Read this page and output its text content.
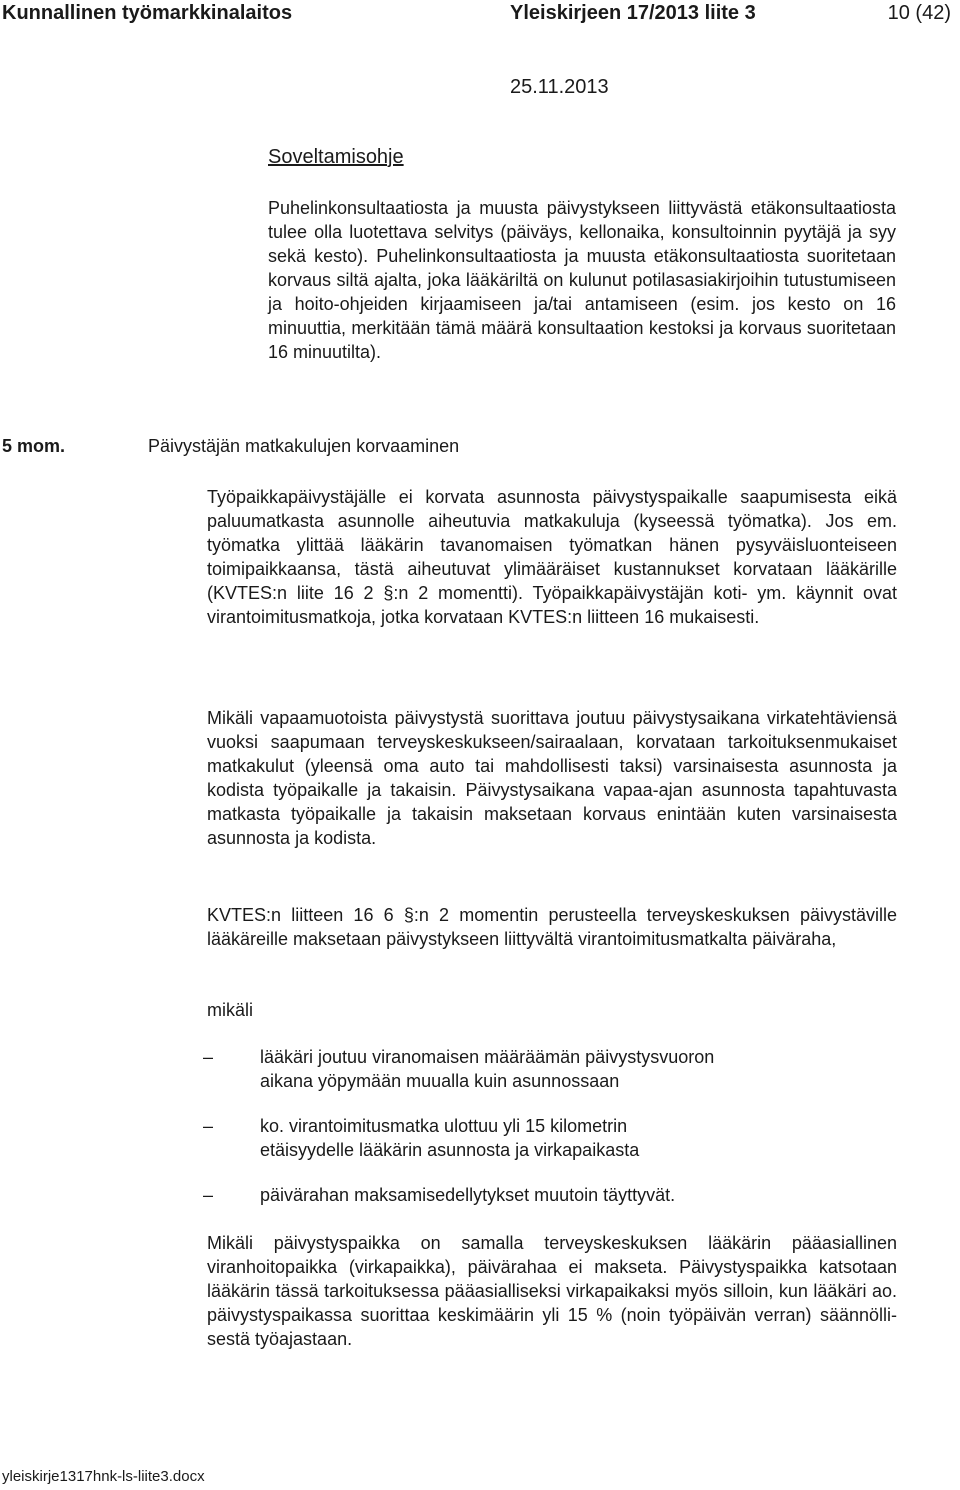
Kunnallinen työmarkkinalaitos	Yleiskirjeen 17/2013 liite 3	10 (42)
25.11.2013
Soveltamisohje

Puhelinkonsultaatiosta ja muusta päivystykseen liittyvästä etäkonsultaatiosta tulee olla luotettava selvitys (päiväys, kellonaika, konsultoinnin pyytäjä ja syy sekä kesto). Puhelinkonsultaatiosta ja muusta etäkonsultaatiosta suoritetaan korvaus siltä ajalta, joka lääkäriltä on kulunut potilasasiakirjoihin tutustumiseen ja hoito-ohjeiden kirjaamiseen ja/tai antamiseen (esim. jos kesto on 16 minuuttia, merkitään tämä määrä konsultaation kestoksi ja korvaus suoritetaan 16 minuutilta).

5 mom.	Päivystäjän matkakulujen korvaaminen

Työpaikkapäivystäjälle ei korvata asunnosta päivystyspaikalle saapumisesta eikä paluumatkasta asunnolle aiheutuvia matkakuluja (kyseessä työmatka). Jos em. työmatka ylittää lääkärin tavanomaisen työmatkan hänen pysyväisluonteiseen toimipaikkaansa, tästä aiheutuvat ylimääräiset kustannukset korvataan lääkärille (KVTES:n liite 16 2 §:n 2 momentti). Työpaikkapäivystäjän koti- ym. käynnit ovat virantoimitusmatkoja, jotka korvataan KVTES:n liitteen 16 mukaisesti.

Mikäli vapaamuotoista päivystystä suorittava joutuu päivystysaikana virkatehtäviensä vuoksi saapumaan terveyskeskukseen/sairaalaan, korvataan tarkoituksenmukaiset matkakulut (yleensä oma auto tai mahdollisesti taksi) varsinaisesta asunnosta ja kodista työpaikalle ja takaisin. Päivystysaikana vapaa-ajan asunnosta tapahtuvasta matkasta työpaikalle ja takaisin maksetaan korvaus enintään kuten varsinaisesta asunnosta ja kodista.

KVTES:n liitteen 16 6 §:n 2 momentin perusteella terveyskeskuksen päivystäville lääkäreille maksetaan päivystykseen liittyvältä virantoimitusmatkalta päiväraha,

mikäli
–	lääkäri joutuu viranomaisen määräämän päivystysvuoron
aikana yöpymään muualla kuin asunnossaan
–	ko. virantoimitusmatka ulottuu yli 15 kilometrin
etäisyydelle lääkärin asunnosta ja virkapaikasta
–	päivärahan maksamisedellytykset muutoin täyttyvät.

Mikäli päivystyspaikka on samalla terveyskeskuksen lääkärin pääasiallinen viranhoitopaikka (virkapaikka), päivärahaa ei makseta. Päivystyspaikka katsotaan lääkärin tässä tarkoituksessa pääasialliseksi virkapaikaksi myös silloin, kun lääkäri ao. päivystyspaikassa suorittaa keskimäärin yli 15 % (noin työpäivän verran) säännöllisestä työajastaan.

yleiskirje1317hnk-ls-liite3.docx
